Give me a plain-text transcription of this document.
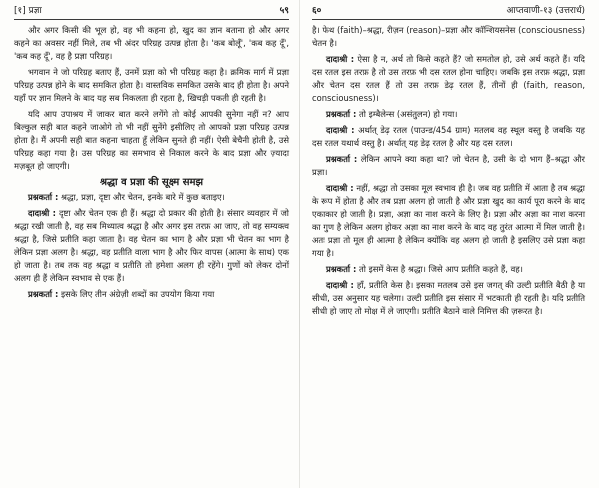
[१] प्रज्ञा	५९

और अगर किसी की भूल हो, वह भी कहना हो, खुद का ज्ञान बताना हो और अगर कहने का अवसर नहीं मिले, तब भी अंदर परिग्रह उत्पन्न होता है। 'कब बोलूँ', 'कब कह दूँ', 'कब कह दूँ', वह है प्रज्ञा परिग्रह।

भगवान ने जो परिग्रह बताए हैं, उनमें प्रज्ञा को भी परिग्रह कहा है। क्रमिक मार्ग में प्रज्ञा परिग्रह उत्पन्न होने के बाद समकित होता है। वास्तविक समकित उसके बाद ही होता है। अपने यहाँ पर ज्ञान मिलने के बाद यह सब निकलता ही रहता है, खिचड़ी पकती ही रहती है।

यदि आप उपाश्रय में जाकर बात करने लगेंगे तो कोई आपकी सुनेगा नहीं न? आप बिल्कुल सही बात कहने जाओगे तो भी नहीं सुनेंगे इसीलिए तो आपको प्रज्ञा परिग्रह उत्पन्न होता है। मैं अपनी सही बात कहना चाहता हूँ लेकिन सुनते ही नहीं। ऐसी बेचैनी होती है, उसे परिग्रह कहा गया है। उस परिग्रह का समभाव से निकाल करने के बाद प्रज्ञा और ज़्यादा मज़बूत हो जाएगी।

श्रद्धा व प्रज्ञा की सूक्ष्म समझ

प्रश्नकर्ता : श्रद्धा, प्रज्ञा, दृष्टा और चेतन, इनके बारे में कुछ बताइए।

दादाश्री : दृष्टा और चेतन एक ही हैं। श्रद्धा दो प्रकार की होती है। संसार व्यवहार में जो श्रद्धा रखी जाती है, वह सब मिथ्यात्व श्रद्धा है और अगर इस तरफ़ आ जाए, तो वह सम्यक्त्व श्रद्धा है, जिसे प्रतीति कहा जाता है। वह चेतन का भाग है और प्रज्ञा भी चेतन का भाग है लेकिन प्रज्ञा अलग है। श्रद्धा, वह प्रतीति वाला भाग है और फिर वापस (आत्मा के साथ) एक हो जाता है। तब तक वह श्रद्धा व प्रतीति तो हमेशा अलग ही रहेंगे। गुणों को लेकर दोनों अलग ही हैं लेकिन स्वभाव से एक हैं।

प्रश्नकर्ता : इसके लिए तीन अंग्रेज़ी शब्दों का उपयोग किया गया

६०	आप्तवाणी-१३ (उत्तरार्ध)

है। फेथ (faith)–श्रद्धा, रीज़न (reason)–प्रज्ञा और कॉन्शियसनेस (consciousness) चेतन है।

दादाश्री : ऐसा है न, अर्थ तो किसे कहते हैं? जो समतोल हो, उसे अर्थ कहते हैं। यदि दस रतल इस तरफ़ है तो उस तरफ़ भी दस रतल होना चाहिए। जबकि इस तरफ़ श्रद्धा, प्रज्ञा और चेतन दस रतल हैं तो उस तरफ़ डेढ़ रतल हैं, तीनों ही (faith, reason, consciousness)।

प्रश्नकर्ता : तो इम्बैलेन्स (असंतुलन) हो गया।

दादाश्री : अर्थात् डेढ़ रतल (पाउन्ड/454 ग्राम) मतलब वह स्थूल वस्तु है जबकि यह दस रतल यथार्थ वस्तु है। अर्थात् यह डेढ़ रतल है और यह दस रतल।

प्रश्नकर्ता : लेकिन आपने क्या कहा था? जो चेतन है, उसी के दो भाग हैं–श्रद्धा और प्रज्ञा।

दादाश्री : नहीं, श्रद्धा तो उसका मूल स्वभाव ही है। जब वह प्रतीति में आता है तब श्रद्धा के रूप में होता है और तब प्रज्ञा अलग हो जाती है और प्रज्ञा खुद का कार्य पूरा करने के बाद एकाकार हो जाती है। प्रज्ञा, अज्ञा का नाश करने के लिए है। प्रज्ञा और अज्ञा का नाश करना का गुण है लेकिन अलग होकर अज्ञा का नाश करने के बाद वह तुरंत आत्मा में मिल जाती है। अतः प्रज्ञा तो मूल ही आत्मा है लेकिन क्योंकि वह अलग हो जाती है इसलिए उसे प्रज्ञा कहा गया है।

प्रश्नकर्ता : तो इसमें केस है श्रद्धा। जिसे आप प्रतीति कहते हैं, वह।

दादाश्री : हाँ, प्रतीति केस है। इसका मतलब उसे इस जगत् की उल्टी प्रतीति बैठी है या सीधी, उस अनुसार यह चलेगा। उल्टी प्रतीति इस संसार में भटकाती ही रहती है। यदि प्रतीति सीधी हो जाए तो मोक्ष में ले जाएगी। प्रतीति बैठाने वाले निमित्त की ज़रूरत है।
